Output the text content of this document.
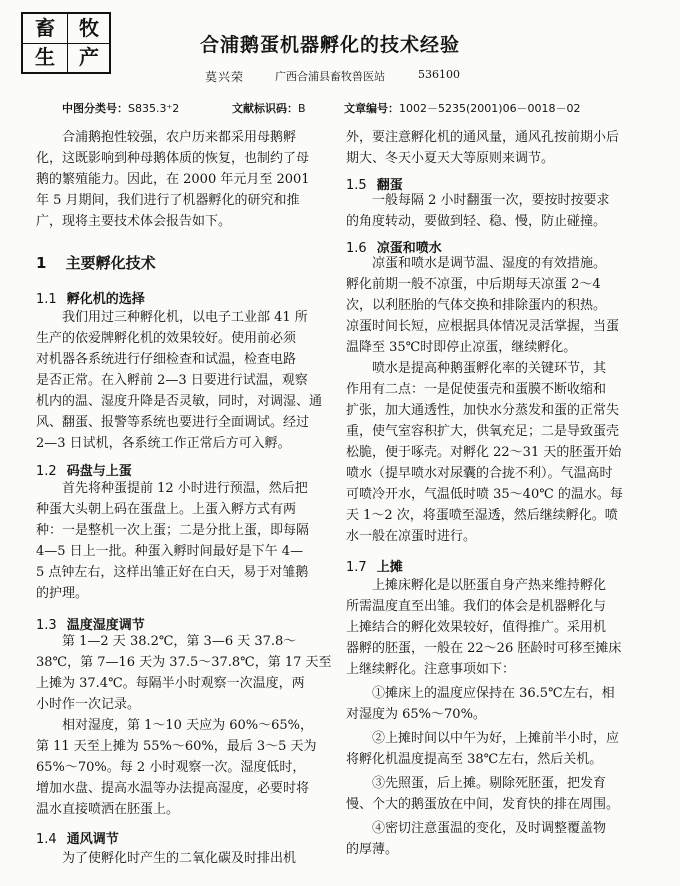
畜	牧
生	产	合浦鹅蛋机器孵化的技术经验
莫兴荣	广西合浦县畜牧兽医站	536100
中图分类号：S835.3⁺2	文献标识码：B	文章编号：1002－5235(2001)06－0018－02
合浦鹅抱性较强，农户历来都采用母鹅孵
化，这既影响到种母鹅体质的恢复，也制约了母
鹅的繁殖能力。因此，在 2000 年元月至 2001
年 5 月期间，我们进行了机器孵化的研究和推
广，现将主要技术体会报告如下。
1 主要孵化技术
1.1 孵化机的选择
我们用过三种孵化机，以电子工业部 41 所
生产的依爱牌孵化机的效果较好。使用前必须
对机器各系统进行仔细检查和试温，检查电路
是否正常。在入孵前 2—3 日要进行试温，观察
机内的温、湿度升降是否灵敏，同时，对调湿、通
风、翻蛋、报警等系统也要进行全面调试。经过
2—3 日试机，各系统工作正常后方可入孵。
1.2 码盘与上蛋
首先将种蛋提前 12 小时进行预温，然后把
种蛋大头朝上码在蛋盘上。上蛋入孵方式有两
种：一是整机一次上蛋；二是分批上蛋，即每隔
4—5 日上一批。种蛋入孵时间最好是下午 4—
5 点钟左右，这样出雏正好在白天，易于对雏鹅
的护理。
1.3 温度湿度调节
第 1—2 天 38.2℃，第 3—6 天 37.8～
38℃，第 7—16 天为 37.5～37.8℃，第 17 天至
上摊为 37.4℃。每隔半小时观察一次温度，两
小时作一次记录。
相对湿度，第 1～10 天应为 60%～65%，
第 11 天至上摊为 55%～60%，最后 3～5 天为
65%～70%。每 2 小时观察一次。湿度低时，
增加水盘、提高水温等办法提高湿度，必要时将
温水直接喷洒在胚蛋上。
1.4 通风调节
为了使孵化时产生的二氧化碳及时排出机
外，要注意孵化机的通风量，通风孔按前期小后
期大、冬天小夏天大等原则来调节。
1.5 翻蛋
一般每隔 2 小时翻蛋一次，要按时按要求
的角度转动，要做到轻、稳、慢，防止碰撞。
1.6 凉蛋和喷水
凉蛋和喷水是调节温、湿度的有效措施。
孵化前期一般不凉蛋，中后期每天凉蛋 2～4
次，以利胚胎的气体交换和排除蛋内的积热。
凉蛋时间长短，应根据具体情况灵活掌握，当蛋
温降至 35℃时即停止凉蛋，继续孵化。
喷水是提高种鹅蛋孵化率的关键环节，其
作用有二点：一是促使蛋壳和蛋膜不断收缩和
扩张，加大通透性，加快水分蒸发和蛋的正常失
重，使气室容积扩大，供氧充足；二是导致蛋壳
松脆，便于啄壳。对孵化 22～31 天的胚蛋开始
喷水（提早喷水对尿囊的合拢不利）。气温高时
可喷冷开水，气温低时喷 35～40℃ 的温水。每
天 1～2 次，将蛋喷至湿透，然后继续孵化。喷
水一般在凉蛋时进行。
1.7 上摊
上摊床孵化是以胚蛋自身产热来维持孵化
所需温度直至出雏。我们的体会是机器孵化与
上摊结合的孵化效果较好，值得推广。采用机
器孵的胚蛋，一般在 22～26 胚龄时可移至摊床
上继续孵化。注意事项如下：
①摊床上的温度应保持在 36.5℃左右，相
对湿度为 65%～70%。
②上摊时间以中午为好，上摊前半小时，应
将孵化机温度提高至 38℃左右，然后关机。
③先照蛋，后上摊。剔除死胚蛋，把发育
慢、个大的鹅蛋放在中间，发育快的排在周围。
④密切注意蛋温的变化，及时调整覆盖物
的厚薄。
